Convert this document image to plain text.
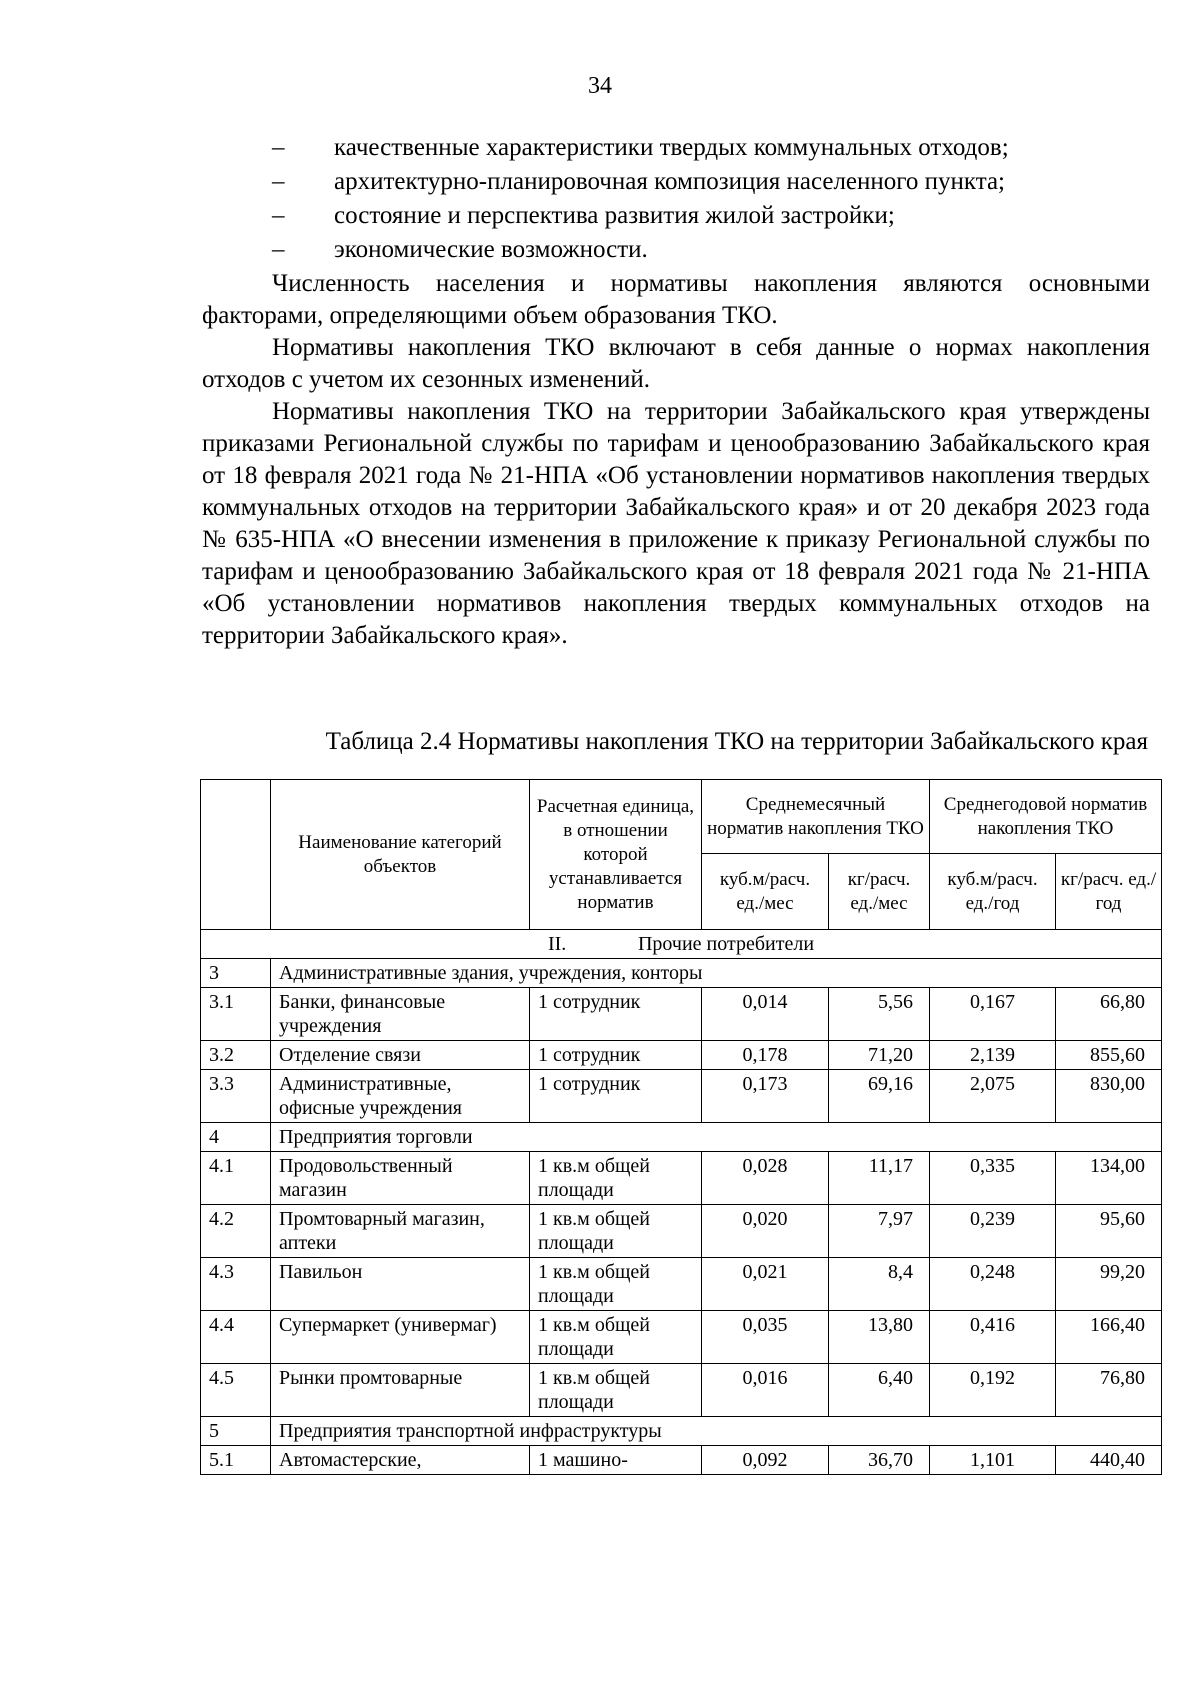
34
–	качественные характеристики твердых коммунальных отходов;
–	архитектурно-планировочная композиция населенного пункта;
–	состояние и перспектива развития жилой застройки;
–	экономические возможности.

Численность населения и нормативы накопления являются основными факторами, определяющими объем образования ТКО.

Нормативы накопления ТКО включают в себя данные о нормах накопления отходов с учетом их сезонных изменений.

Нормативы накопления ТКО на территории Забайкальского края утверждены приказами Региональной службы по тарифам и ценообразованию Забайкальского края от 18 февраля 2021 года № 21-НПА «Об установлении нормативов накопления твердых коммунальных отходов на территории Забайкальского края» и от 20 декабря 2023 года № 635-НПА «О внесении изменения в приложение к приказу Региональной службы по тарифам и ценообразованию Забайкальского края от 18 февраля 2021 года № 21-НПА «Об установлении нормативов накопления твердых коммунальных отходов на территории Забайкальского края».

Таблица 2.4 Нормативы накопления ТКО на территории Забайкальского края
	Наименование категорий объектов	Расчетная единица, в отношении которой устанавливается норматив	Среднемесячный норматив накопления ТКО		Среднегодовой норматив накопления ТКО	
			куб.м/расч. ед./мес	кг/расч. ед./мес	куб.м/расч. ед./год	кг/расч. ед./год
II. Прочие потребители						
3	Административные здания, учреждения, конторы					
3.1	Банки, финансовые учреждения	1 сотрудник	0,014	5,56	0,167	66,80
3.2	Отделение связи	1 сотрудник	0,178	71,20	2,139	855,60
3.3	Административные, офисные учреждения	1 сотрудник	0,173	69,16	2,075	830,00
4	Предприятия торговли					
4.1	Продовольственный магазин	1 кв.м общей площади	0,028	11,17	0,335	134,00
4.2	Промтоварный магазин, аптеки	1 кв.м общей площади	0,020	7,97	0,239	95,60
4.3	Павильон	1 кв.м общей площади	0,021	8,4	0,248	99,20
4.4	Супермаркет (универмаг)	1 кв.м общей площади	0,035	13,80	0,416	166,40
4.5	Рынки промтоварные	1 кв.м общей площади	0,016	6,40	0,192	76,80
5	Предприятия транспортной инфраструктуры					
5.1	Автомастерские,	1 машино-	0,092	36,70	1,101	440,40
